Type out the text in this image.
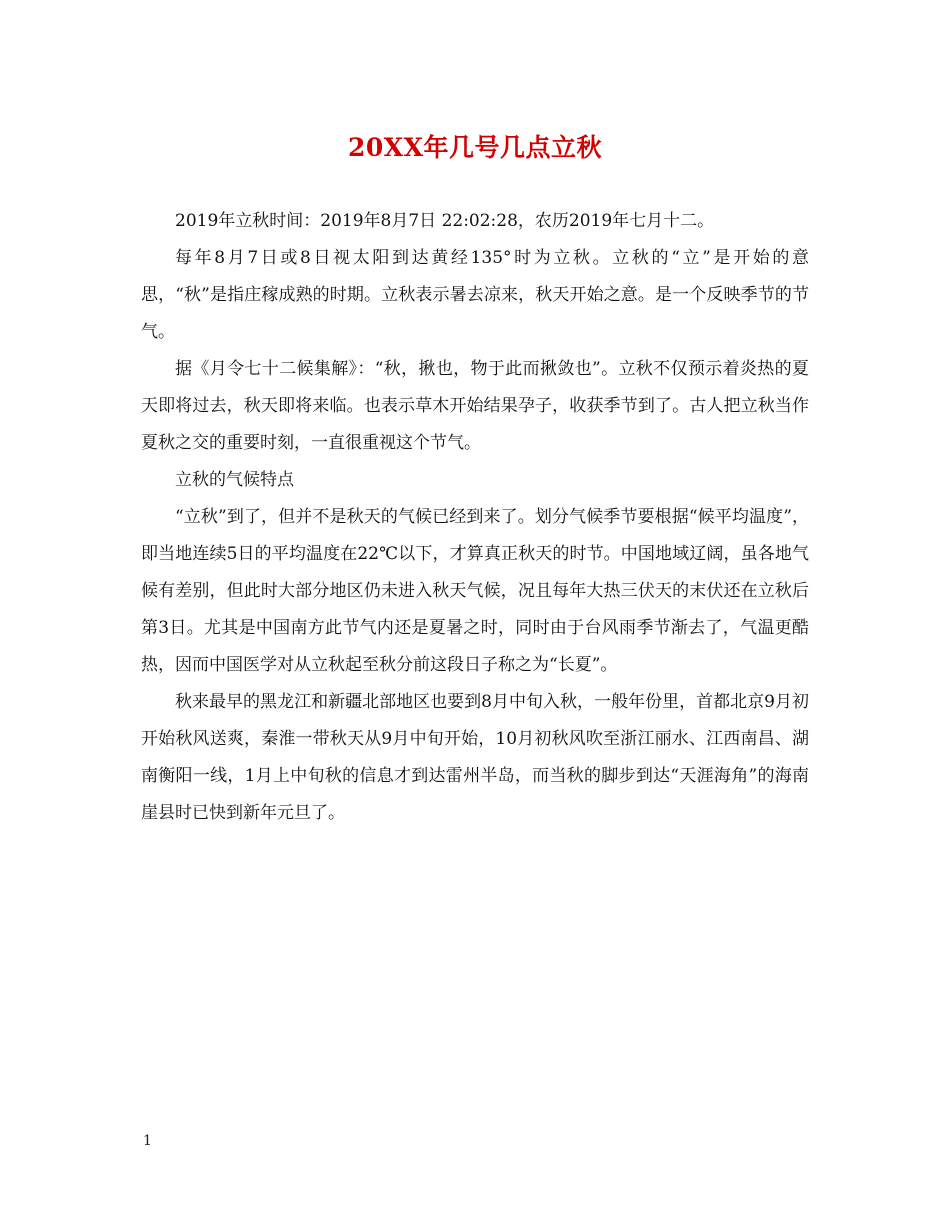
20XX年几号几点立秋

2019年立秋时间：2019年8月7日 22:02:28，农历2019年七月十二。

每年8月7日或8日视太阳到达黄经135°时为立秋。立秋的“立”是开始的意思，“秋”是指庄稼成熟的时期。立秋表示暑去凉来，秋天开始之意。是一个反映季节的节气。

据《月令七十二候集解》：“秋，揪也，物于此而揪敛也”。立秋不仅预示着炎热的夏天即将过去，秋天即将来临。也表示草木开始结果孕子，收获季节到了。古人把立秋当作夏秋之交的重要时刻，一直很重视这个节气。

立秋的气候特点

“立秋”到了，但并不是秋天的气候已经到来了。划分气候季节要根据“候平均温度”，即当地连续5日的平均温度在22℃以下，才算真正秋天的时节。中国地域辽阔，虽各地气候有差别，但此时大部分地区仍未进入秋天气候，况且每年大热三伏天的末伏还在立秋后第3日。尤其是中国南方此节气内还是夏暑之时，同时由于台风雨季节渐去了，气温更酷热，因而中国医学对从立秋起至秋分前这段日子称之为“长夏”。

秋来最早的黑龙江和新疆北部地区也要到8月中旬入秋，一般年份里，首都北京9月初开始秋风送爽，秦淮一带秋天从9月中旬开始，10月初秋风吹至浙江丽水、江西南昌、湖南衡阳一线，1月上中旬秋的信息才到达雷州半岛，而当秋的脚步到达“天涯海角”的海南崖县时已快到新年元旦了。

1
